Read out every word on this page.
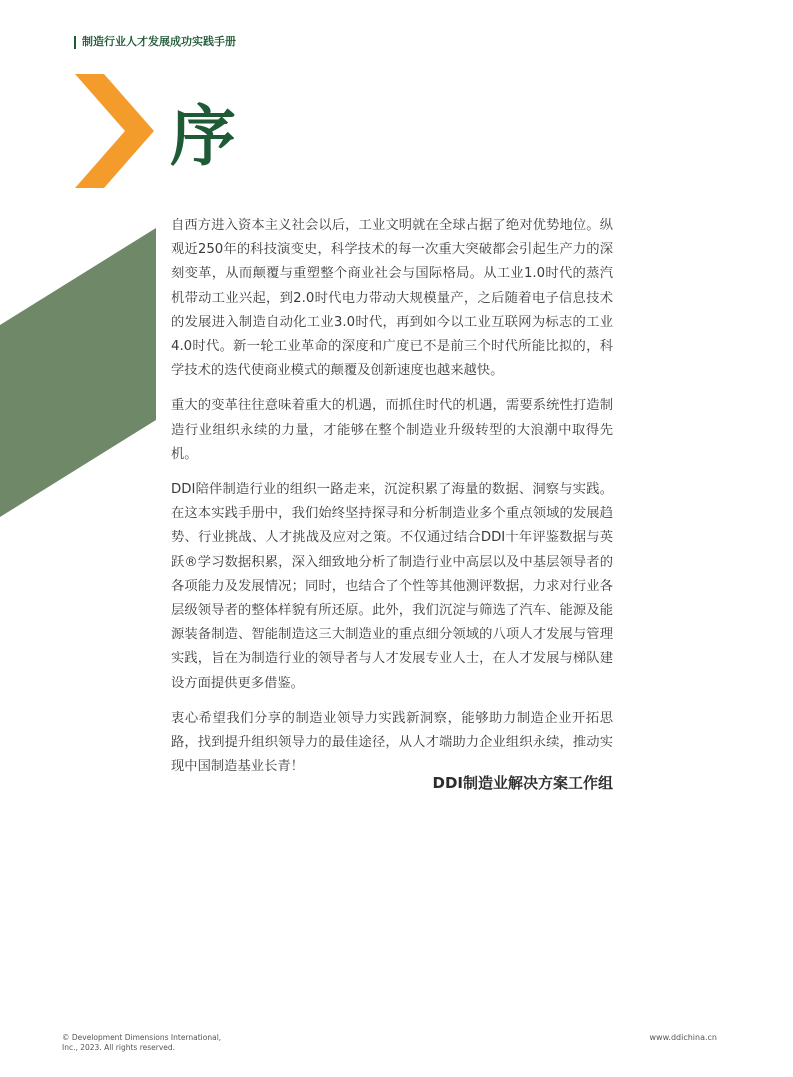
制造行业人才发展成功实践手册
序

自西方进入资本主义社会以后，工业文明就在全球占据了绝对优势地位。纵观近250年的科技演变史，科学技术的每一次重大突破都会引起生产力的深刻变革，从而颠覆与重塑整个商业社会与国际格局。从工业1.0时代的蒸汽机带动工业兴起，到2.0时代电力带动大规模量产，之后随着电子信息技术的发展进入制造自动化工业3.0时代，再到如今以工业互联网为标志的工业4.0时代。新一轮工业革命的深度和广度已不是前三个时代所能比拟的，科学技术的迭代使商业模式的颠覆及创新速度也越来越快。

重大的变革往往意味着重大的机遇，而抓住时代的机遇，需要系统性打造制造行业组织永续的力量，才能够在整个制造业升级转型的大浪潮中取得先机。

DDI陪伴制造行业的组织一路走来，沉淀积累了海量的数据、洞察与实践。在这本实践手册中，我们始终坚持探寻和分析制造业多个重点领域的发展趋势、行业挑战、人才挑战及应对之策。不仅通过结合DDI十年评鉴数据与英跃®学习数据积累，深入细致地分析了制造行业中高层以及中基层领导者的各项能力及发展情况；同时，也结合了个性等其他测评数据，力求对行业各层级领导者的整体样貌有所还原。此外，我们沉淀与筛选了汽车、能源及能源装备制造、智能制造这三大制造业的重点细分领域的八项人才发展与管理实践，旨在为制造行业的领导者与人才发展专业人士，在人才发展与梯队建设方面提供更多借鉴。

衷心希望我们分享的制造业领导力实践新洞察，能够助力制造企业开拓思路，找到提升组织领导力的最佳途径，从人才端助力企业组织永续，推动实现中国制造基业长青！

DDI制造业解决方案工作组
© Development Dimensions International,
Inc., 2023. All rights reserved.
www.ddichina.cn
